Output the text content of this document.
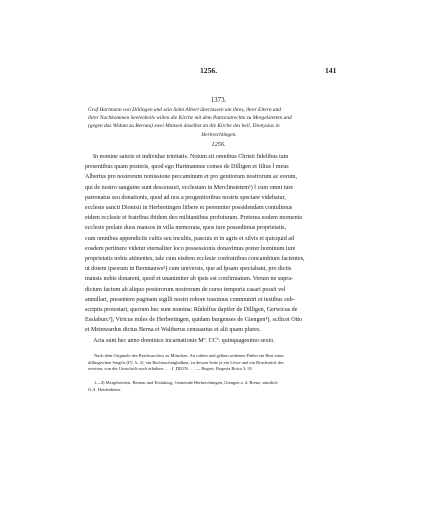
1256.	141
1373.
Graf Hartmann von Dillingen und sein Sohn Albert überlassen um ihres, ihrer Eltern und
ihrer Nachkommen Seelenheils willen die Kirche mit dem Patronatrechte zu Mergelstetten und
(gegen das Widum zu Bernau) zwei Mansen daselbst an die Kirche des heil. Dionysius in
Herbrechtingen.
1256.
In nomine sancte et individue trinitatis. Notum sit omnibus Christi fidelibus tam
presentibus quam posteris, quod ego Hartmannus comes de Dilligen et filius ‖ meus
Albertus pro nostrorum remissione peccaminum et pro genitorum nostrorum ac eorum,
qui de nostro sanguine sunt descensuri, ecclesiam in Merclinstetem¹) ‖ cum omni iure
patronatus seu donationis, quod ad nos a progenitoribus nostris spectare videbatur,
ecclesie sancti Dionisii in Herbretingen liibere et perenniter possidendam contulimus
eidem ecclesie et fratribus ibidem deo militantibus profuturam. Preterea eodem momento
ecclesie prelate duos mansos in villa memorata, quos iure possedimus proprietatis,
cum omnibus appendiciis cultis seu incultis, pascuis et in agris et silvis et quicquid ad
eosdem pertinere videtur eternaliter loco possessionis donavimus preter hominum iure
proprietatis nobis attinentes, tale cum eisdem ecclesie confratribus concambium facientes,
ut dotem ipsorum in Bernnauwe²) cum universis, que ad ‖psam spectabant, pro dictis
mansis nobis donarent, quod et unanimiter ab ipsis est confirmatum. Verum ne supra-
dictum factum ab aliquo posterorum nostrorum de curso temporis casari possit vel
annullari, presentem paginam sigilli nostri robore iussimus communiri et testibus sub-
scriptis protestari, quorum hec sunt nomina: Rûdolfus dapifer de Dilligen, Gerwicus de
Esslaburc³), Viricus miles de Herbretingen, quidam burgenses de Giengen⁴), scilicet Otto
et Meinwardus dictus Berna et Waltherus censuarius et alii quam plures.
Acta sunt hec anno dominice incarnationis Mº. CCº. quinquagesimo sexto.
Nach dem Originale des Reichsarchivs zu München. An rothen und gelben seidenen Fäden ein Rest eines
dillingischen Siegels (IV. A. 2): ein Rechtsschrägbalken, zu dessen Seite je ein Löwe und ein Bruchstück des
zweiten, von der Umschrift noch erhalten: . . . I. DILIN . . . — Regest: Regesta Boica 3, 91.
1—4) Mergelstetten, Bernau und Esslaburg, Gemeinde Herbrechtingen, Giengen a. d. Brenz, sämtlich
O.A. Heidenheim.
